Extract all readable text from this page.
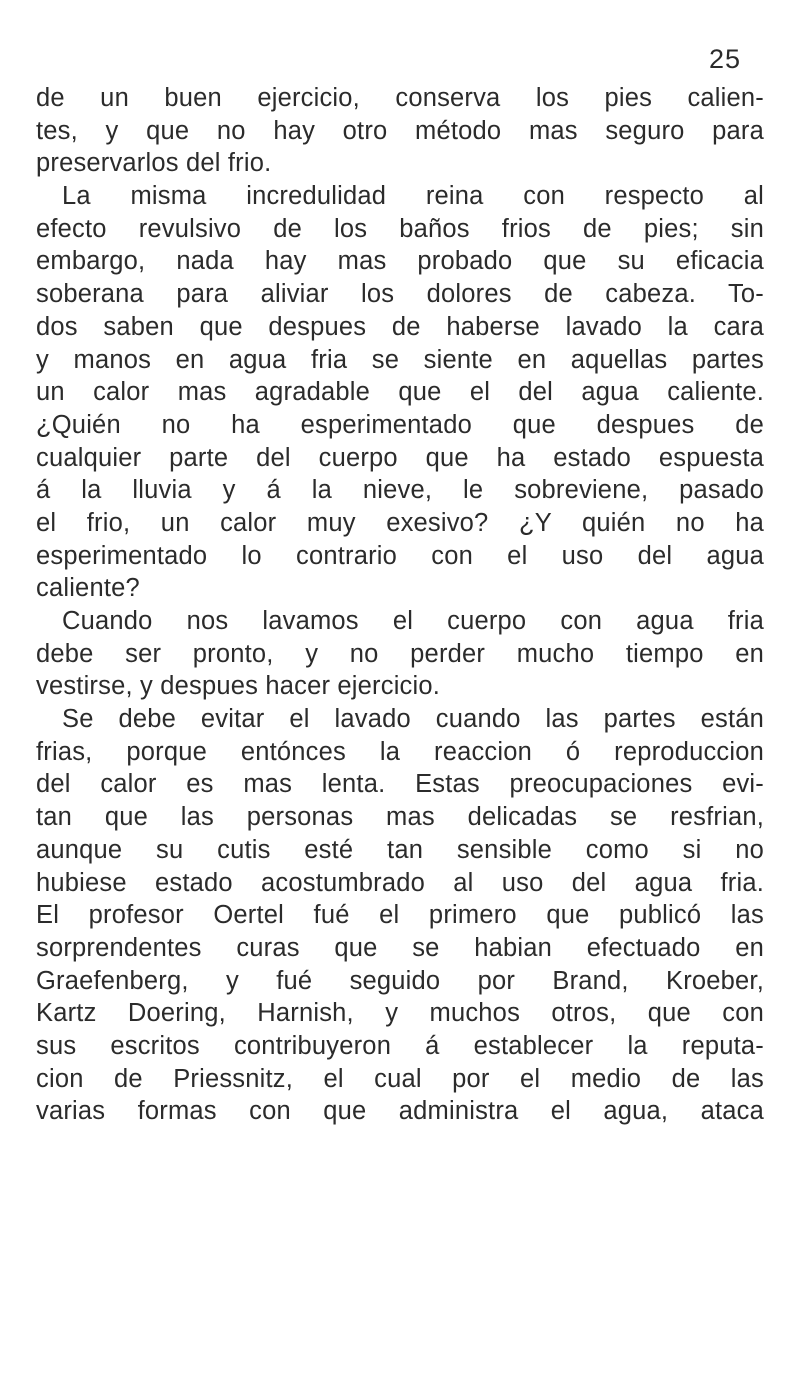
25
de un buen ejercicio, conserva los pies calien-
tes, y que no hay otro método mas seguro para
preservarlos del frio.
La misma incredulidad reina con respecto al
efecto revulsivo de los baños frios de pies; sin
embargo, nada hay mas probado que su eficacia
soberana para aliviar los dolores de cabeza. To-
dos saben que despues de haberse lavado la cara
y manos en agua fria se siente en aquellas partes
un calor mas agradable que el del agua caliente.
¿Quién no ha esperimentado que despues de
cualquier parte del cuerpo que ha estado espuesta
á la lluvia y á la nieve, le sobreviene, pasado
el frio, un calor muy exesivo? ¿Y quién no ha
esperimentado lo contrario con el uso del agua
caliente?
Cuando nos lavamos el cuerpo con agua fria
debe ser pronto, y no perder mucho tiempo en
vestirse, y despues hacer ejercicio.
Se debe evitar el lavado cuando las partes están
frias, porque entónces la reaccion ó reproduccion
del calor es mas lenta. Estas preocupaciones evi-
tan que las personas mas delicadas se resfrian,
aunque su cutis esté tan sensible como si no
hubiese estado acostumbrado al uso del agua fria.
El profesor Oertel fué el primero que publicó las
sorprendentes curas que se habian efectuado en
Graefenberg, y fué seguido por Brand, Kroeber,
Kartz Doering, Harnish, y muchos otros, que con
sus escritos contribuyeron á establecer la reputa-
cion de Priessnitz, el cual por el medio de las
varias formas con que administra el agua, ataca
